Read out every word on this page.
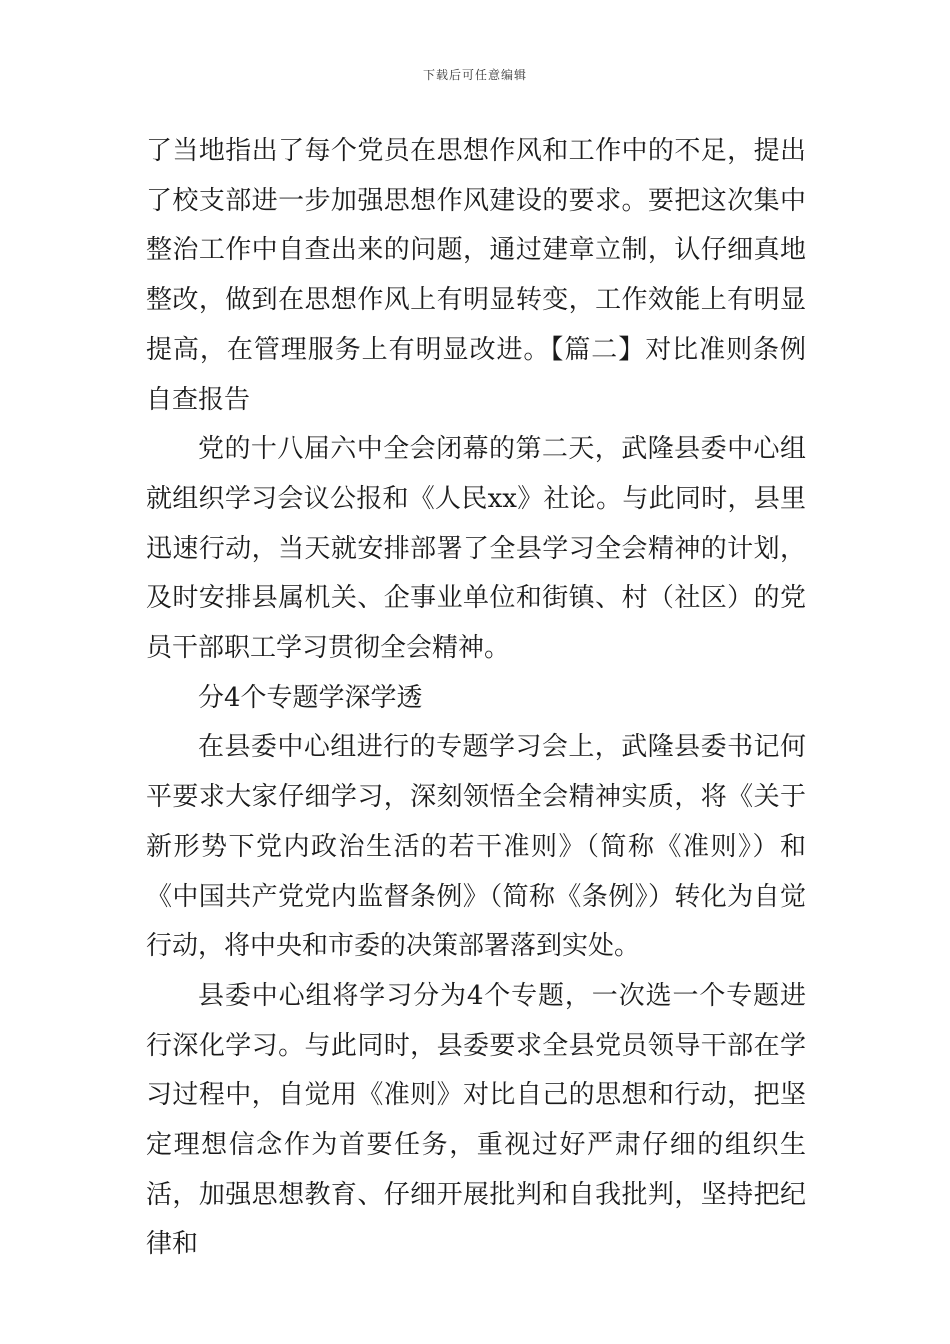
下载后可任意编辑

了当地指出了每个党员在思想作风和工作中的不足，提出了校支部进一步加强思想作风建设的要求。要把这次集中整治工作中自查出来的问题，通过建章立制，认仔细真地整改，做到在思想作风上有明显转变，工作效能上有明显提高，在管理服务上有明显改进。【篇二】对比准则条例自查报告

党的十八届六中全会闭幕的第二天，武隆县委中心组就组织学习会议公报和《人民xx》社论。与此同时，县里迅速行动，当天就安排部署了全县学习全会精神的计划，及时安排县属机关、企事业单位和街镇、村（社区）的党员干部职工学习贯彻全会精神。

分4个专题学深学透

在县委中心组进行的专题学习会上，武隆县委书记何平要求大家仔细学习，深刻领悟全会精神实质，将《关于新形势下党内政治生活的若干准则》（简称《准则》）和《中国共产党党内监督条例》（简称《条例》）转化为自觉行动，将中央和市委的决策部署落到实处。

县委中心组将学习分为4个专题，一次选一个专题进行深化学习。与此同时，县委要求全县党员领导干部在学习过程中，自觉用《准则》对比自己的思想和行动，把坚定理想信念作为首要任务，重视过好严肃仔细的组织生活，加强思想教育、仔细开展批判和自我批判，坚持把纪律和
